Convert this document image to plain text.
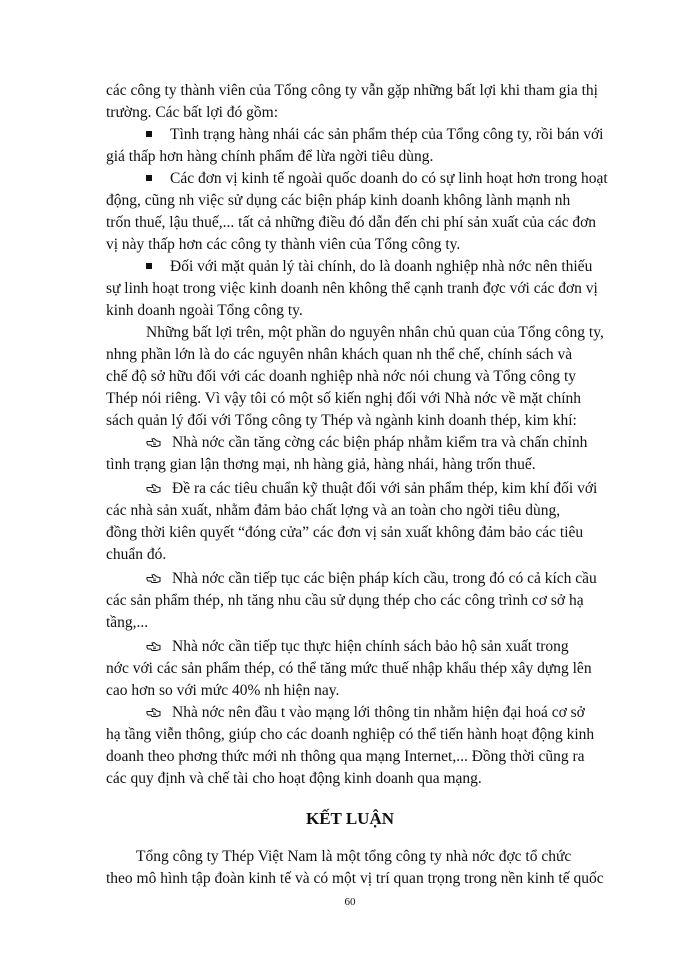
các công ty thành viên của Tổng công ty vẫn gặp những bất lợi khi tham gia thị
trường. Các bất lợi đó gồm:
Tình trạng hàng nhái các sản phẩm thép của Tổng công ty, rồi bán với
giá thấp hơn hàng chính phẩm để lừa ngời tiêu dùng.
Các đơn vị kinh tế ngoài quốc doanh do có sự linh hoạt hơn trong hoạt
động, cũng nh việc sử dụng các biện pháp kinh doanh không lành mạnh nh
trốn thuế, lậu thuế,... tất cả những điều đó dẫn đến chi phí sản xuất của các đơn
vị này thấp hơn các công ty thành viên của Tổng công ty.
Đối với mặt quản lý tài chính, do là doanh nghiệp nhà nớc nên thiếu
sự linh hoạt trong việc kinh doanh nên không thể cạnh tranh đợc với các đơn vị
kinh doanh ngoài Tổng công ty.
Những bất lợi trên, một phần do nguyên nhân chủ quan của Tổng công ty,
nhng phần lớn là do các nguyên nhân khách quan nh thể chế, chính sách và
chế độ sở hữu đối với các doanh nghiệp nhà nớc nói chung và Tổng công ty
Thép nói riêng. Vì vậy tôi có một số kiến nghị đối với Nhà nớc về mặt chính
sách quản lý đối với Tổng công ty Thép và ngành kinh doanh thép, kim khí:
Nhà nớc cần tăng cờng các biện pháp nhằm kiểm tra và chấn chỉnh
tình trạng gian lận thơng mại, nh hàng giả, hàng nhái, hàng trốn thuế.
Đề ra các tiêu chuẩn kỹ thuật đối với sản phẩm thép, kim khí đối với
các nhà sản xuất, nhằm đảm bảo chất lợng và an toàn cho ngời tiêu dùng,
đồng thời kiên quyết “đóng cửa” các đơn vị sản xuất không đảm bảo các tiêu
chuẩn đó.
Nhà nớc cần tiếp tục các biện pháp kích cầu, trong đó có cả kích cầu
các sản phẩm thép, nh tăng nhu cầu sử dụng thép cho các công trình cơ sở hạ
tầng,...
Nhà nớc cần tiếp tục thực hiện chính sách bảo hộ sản xuất trong
nớc với các sản phẩm thép, có thể tăng mức thuế nhập khẩu thép xây dựng lên
cao hơn so với mức 40% nh hiện nay.
Nhà nớc nên đầu t vào mạng lới thông tin nhằm hiện đại hoá cơ sở
hạ tầng viễn thông, giúp cho các doanh nghiệp có thể tiến hành hoạt động kinh
doanh theo phơng thức mới nh thông qua mạng Internet,... Đồng thời cũng ra
các quy định và chế tài cho hoạt động kinh doanh qua mạng.
KẾT LUẬN
Tổng công ty Thép Việt Nam là một tổng công ty nhà nớc đợc tổ chức
theo mô hình tập đoàn kinh tế và có một vị trí quan trọng trong nền kinh tế quốc
60
